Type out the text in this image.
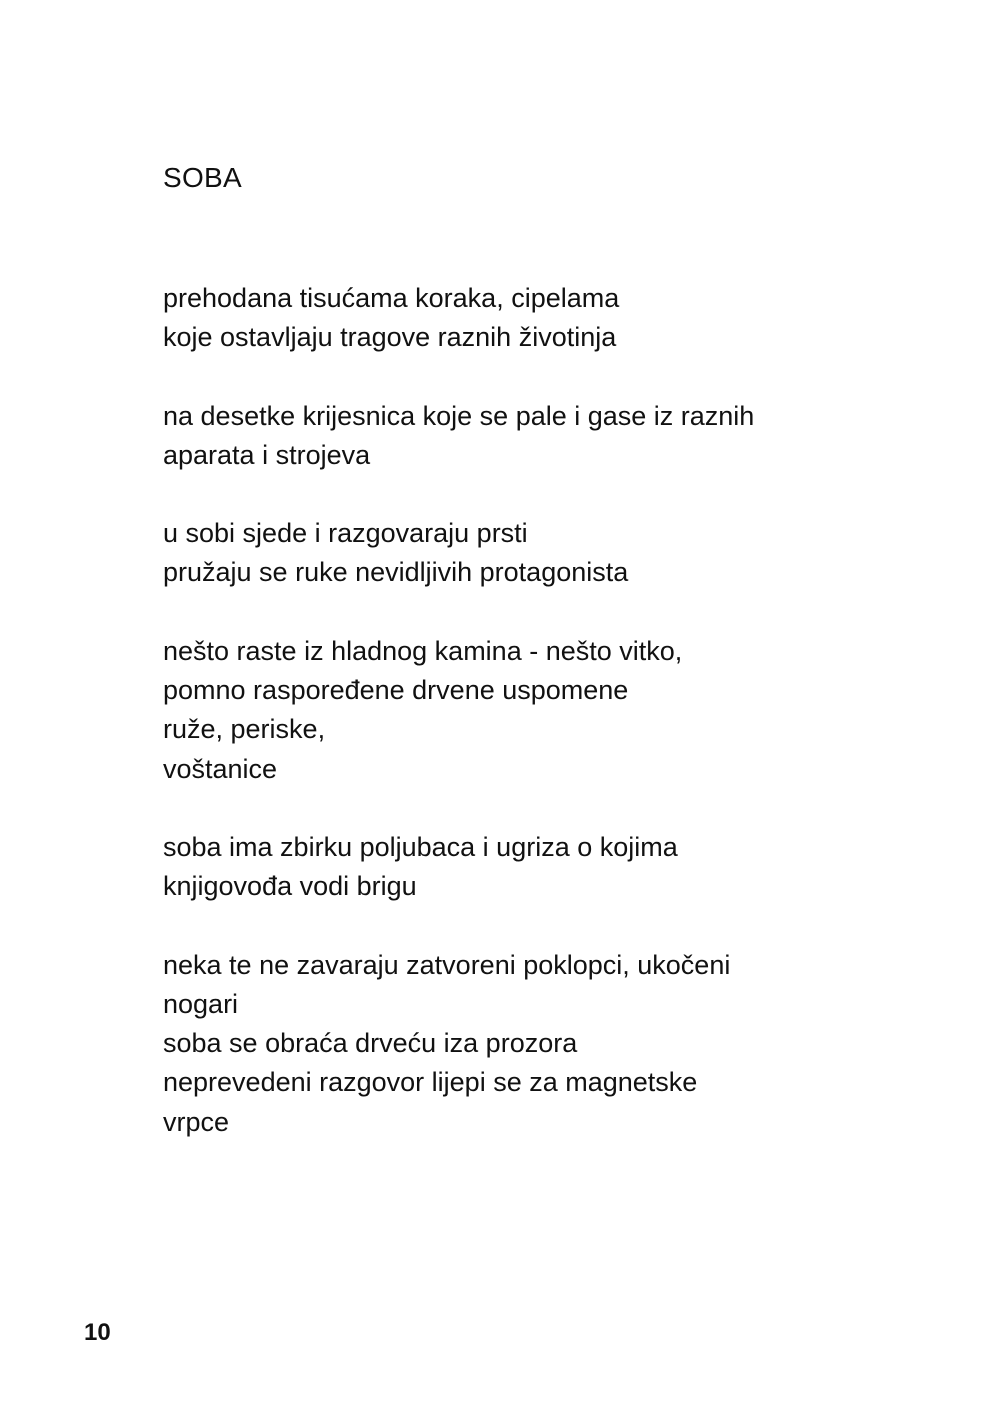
SOBA
prehodana tisućama koraka, cipelama
koje ostavljaju tragove raznih životinja
na desetke krijesnica koje se pale i gase iz raznih
aparata i strojeva
u sobi sjede i razgovaraju prsti
pružaju se ruke nevidljivih protagonista
nešto raste iz hladnog kamina - nešto vitko,
pomno raspoređene drvene uspomene
ruže, periske,
voštanice
soba ima zbirku poljubaca i ugriza o kojima
knjigovođa vodi brigu
neka te ne zavaraju zatvoreni poklopci, ukočeni
nogari
soba se obraća drveću iza prozora
neprevedeni razgovor lijepi se za magnetske
vrpce
10
